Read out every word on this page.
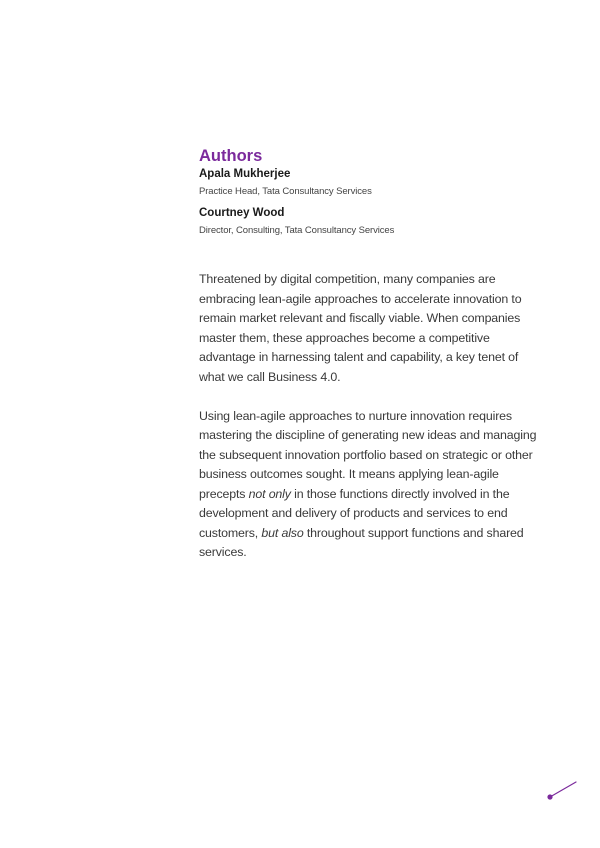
Authors

Apala Mukherjee

Practice Head, Tata Consultancy Services

Courtney Wood

Director, Consulting, Tata Consultancy Services

Threatened by digital competition, many companies are embracing lean-agile approaches to accelerate innovation to remain market relevant and fiscally viable. When companies master them, these approaches become a competitive advantage in harnessing talent and capability, a key tenet of what we call Business 4.0.

Using lean-agile approaches to nurture innovation requires mastering the discipline of generating new ideas and managing the subsequent innovation portfolio based on strategic or other business outcomes sought. It means applying lean-agile precepts not only in those functions directly involved in the development and delivery of products and services to end customers, but also throughout support functions and shared services.
